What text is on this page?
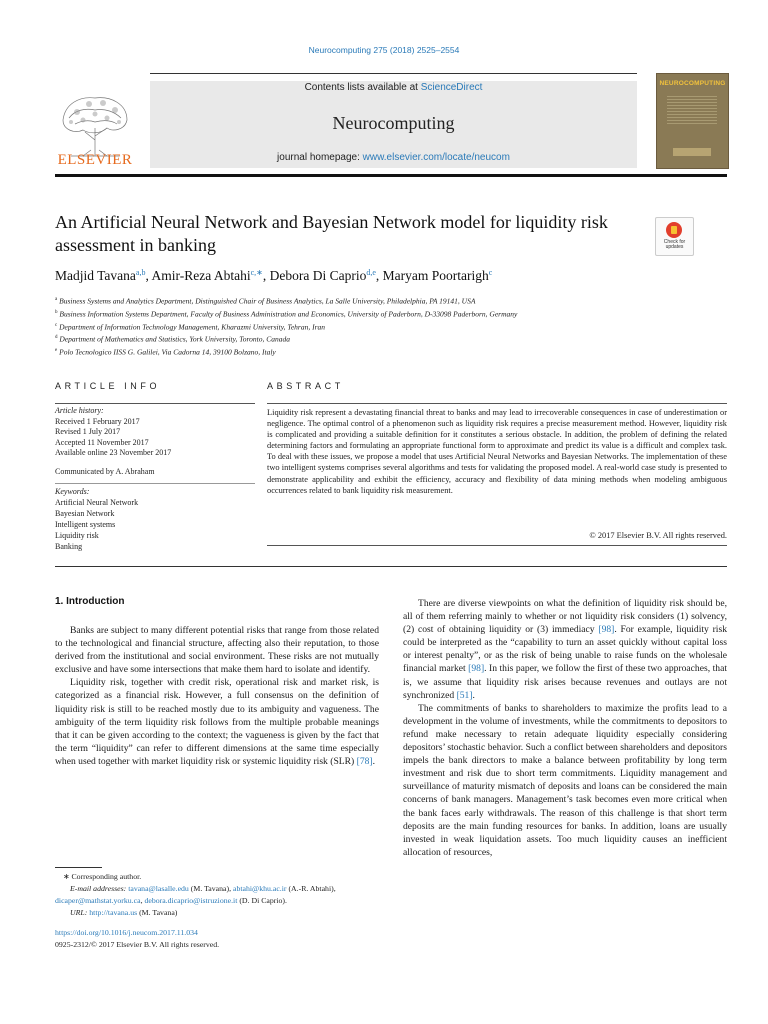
Neurocomputing 275 (2018) 2525–2554
Contents lists available at ScienceDirect
Neurocomputing
journal homepage: www.elsevier.com/locate/neucom
ELSEVIER
NEUROCOMPUTING
An Artificial Neural Network and Bayesian Network model for liquidity risk assessment in banking	Check for updates
Madjid Tavana$^{a,b}$, Amir-Reza Abtahi$^{c,∗}$, Debora Di Caprio$^{d,e}$, Maryam Poortarigh$^c$
$^a$ Business Systems and Analytics Department, Distinguished Chair of Business Analytics, La Salle University, Philadelphia, PA 19141, USA
$^b$ Business Information Systems Department, Faculty of Business Administration and Economics, University of Paderborn, D-33098 Paderborn, Germany
$^c$ Department of Information Technology Management, Kharazmi University, Tehran, Iran
$^d$ Department of Mathematics and Statistics, York University, Toronto, Canada
$^e$ Polo Tecnologico IISS G. Galilei, Via Cadorna 14, 39100 Bolzano, Italy
ARTICLE INFO	ABSTRACT
Article history:
Received 1 February 2017
Revised 1 July 2017
Accepted 11 November 2017
Available online 23 November 2017
Communicated by A. Abraham
Keywords:
Artificial Neural Network
Bayesian Network
Intelligent systems
Liquidity risk
Banking
Liquidity risk represent a devastating financial threat to banks and may lead to irrecoverable consequences in case of underestimation or negligence. The optimal control of a phenomenon such as liquidity risk requires a precise measurement method. However, liquidity risk is complicated and providing a suitable definition for it constitutes a serious obstacle. In addition, the problem of defining the related determining factors and formulating an appropriate functional form to approximate and predict its value is a difficult and complex task. To deal with these issues, we propose a model that uses Artificial Neural Networks and Bayesian Networks. The implementation of these two intelligent systems comprises several algorithms and tests for validating the proposed model. A real-world case study is presented to demonstrate applicability and exhibit the efficiency, accuracy and flexibility of data mining methods when modeling ambiguous occurrences related to bank liquidity risk measurement.
© 2017 Elsevier B.V. All rights reserved.
1. Introduction

Banks are subject to many different potential risks that range from those related to the technological and financial structure, affecting also their reputation, to those derived from the institutional and social environment. These risks are not mutually exclusive and have some intersections that make them hard to isolate and identify.

Liquidity risk, together with credit risk, operational risk and market risk, is categorized as a financial risk. However, a full consensus on the definition of liquidity risk is still to be reached mostly due to its ambiguity and vagueness. The ambiguity of the term liquidity risk follows from the multiple probable meanings that it can be given according to the context; the vagueness is given by the fact that the term “liquidity” can refer to different dimensions at the same time especially when used together with market liquidity risk or systemic liquidity risk (SLR) [78].

There are diverse viewpoints on what the definition of liquidity risk should be, all of them referring mainly to whether or not liquidity risk considers (1) solvency, (2) cost of obtaining liquidity or (3) immediacy [98]. For example, liquidity risk could be interpreted as the “capability to turn an asset quickly without capital loss or interest penalty”, or as the risk of being unable to raise funds on the wholesale financial market [98]. In this paper, we follow the first of these two approaches, that is, we assume that liquidity risk arises because revenues and outlays are not synchronized [51].

The commitments of banks to shareholders to maximize the profits lead to a development in the volume of investments, while the commitments to depositors to refund make necessary to retain adequate liquidity especially considering depositors’ stochastic behavior. Such a conflict between shareholders and depositors impels the bank directors to make a balance between profitability by long term investment and risk due to short term commitments. Liquidity management and surveillance of maturity mismatch of deposits and loans can be considered the main concerns of bank managers. Management’s task becomes even more critical when the bank faces early withdrawals. The reason of this challenge is that short term deposits are the main funding resources for banks. In addition, loans are usually invested in weak liquidation assets. Too much liquidity causes an inefficient allocation of resources,

∗ Corresponding author.
E-mail addresses: tavana@lasalle.edu (M. Tavana), abtahi@khu.ac.ir (A.-R. Abtahi),
dicaper@mathstat.yorku.ca, debora.dicaprio@istruzione.it (D. Di Caprio).
URL: http://tavana.us (M. Tavana)
https://doi.org/10.1016/j.neucom.2017.11.034
0925-2312/© 2017 Elsevier B.V. All rights reserved.
